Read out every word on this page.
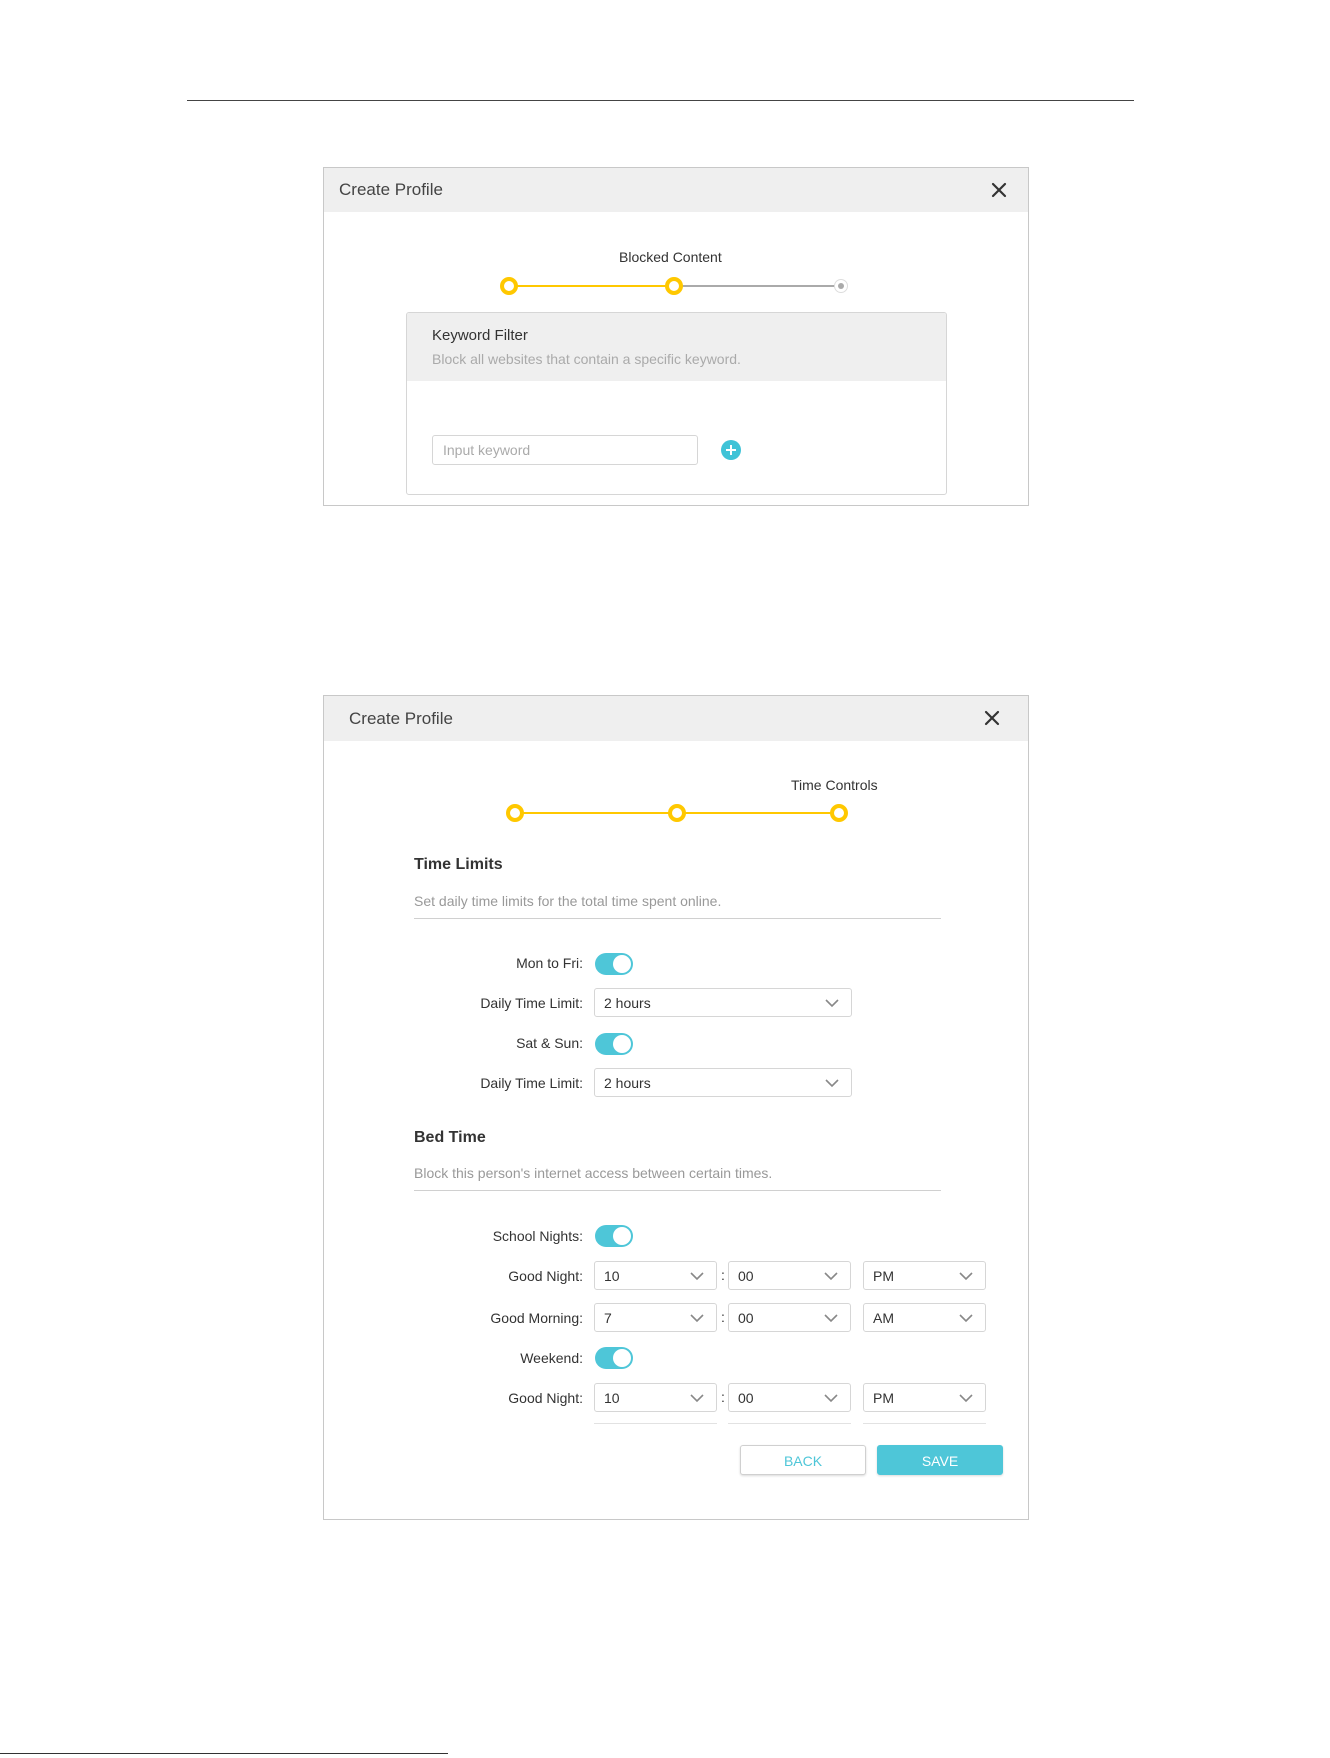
Create Profile
Blocked Content
Keyword Filter
Block all websites that contain a specific keyword.
Input keyword
Create Profile
Time Controls
Time Limits
Set daily time limits for the total time spent online.
Mon to Fri:
Daily Time Limit: 2 hours
Sat & Sun:
Daily Time Limit: 2 hours
Bed Time
Block this person's internet access between certain times.
School Nights:
Good Night: 10	: 00	PM
Good Morning: 7	: 00	AM
Weekend:
Good Night: 10	: 00	PM
BACK	SAVE
